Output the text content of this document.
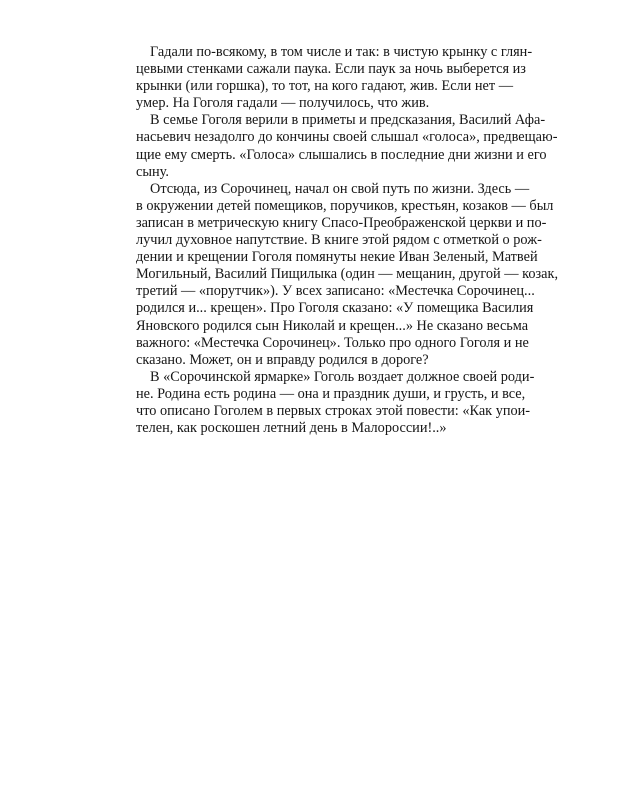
Гадали по-всякому, в том числе и так: в чистую крынку с глян-
цевыми стенками сажали паука. Если паук за ночь выберется из
крынки (или горшка), то тот, на кого гадают, жив. Если нет —
умер. На Гоголя гадали — получилось, что жив.

В семье Гоголя верили в приметы и предсказания, Василий Афа-
насьевич незадолго до кончины своей слышал «голоса», предвещаю-
щие ему смерть. «Голоса» слышались в последние дни жизни и его
сыну.

Отсюда, из Сорочинец, начал он свой путь по жизни. Здесь —
в окружении детей помещиков, поручиков, крестьян, козаков — был
записан в метрическую книгу Спасо-Преображенской церкви и по-
лучил духовное напутствие. В книге этой рядом с отметкой о рож-
дении и крещении Гоголя помянуты некие Иван Зеленый, Матвей
Могильный, Василий Пищилыка (один — мещанин, другой — козак,
третий — «порутчик»). У всех записано: «Местечка Сорочинец...
родился и... крещен». Про Гоголя сказано: «У помещика Василия
Яновского родился сын Николай и крещен...» Не сказано весьма
важного: «Местечка Сорочинец». Только про одного Гоголя и не
сказано. Может, он и вправду родился в дороге?

В «Сорочинской ярмарке» Гоголь воздает должное своей роди-
не. Родина есть родина — она и праздник души, и грусть, и все,
что описано Гоголем в первых строках этой повести: «Как упои-
телен, как роскошен летний день в Малороссии!..»
